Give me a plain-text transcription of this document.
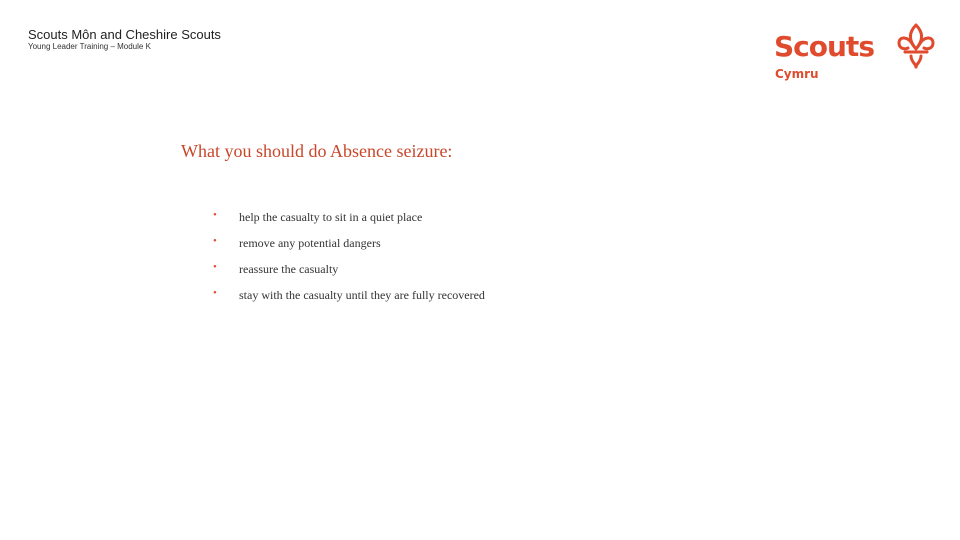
Scouts Môn and Cheshire Scouts
Young Leader Training – Module K	Scouts
Cymru
What you should do Absence seizure:
•	help the casualty to sit in a quiet place
•	remove any potential dangers
•	reassure the casualty
•	stay with the casualty until they are fully recovered
